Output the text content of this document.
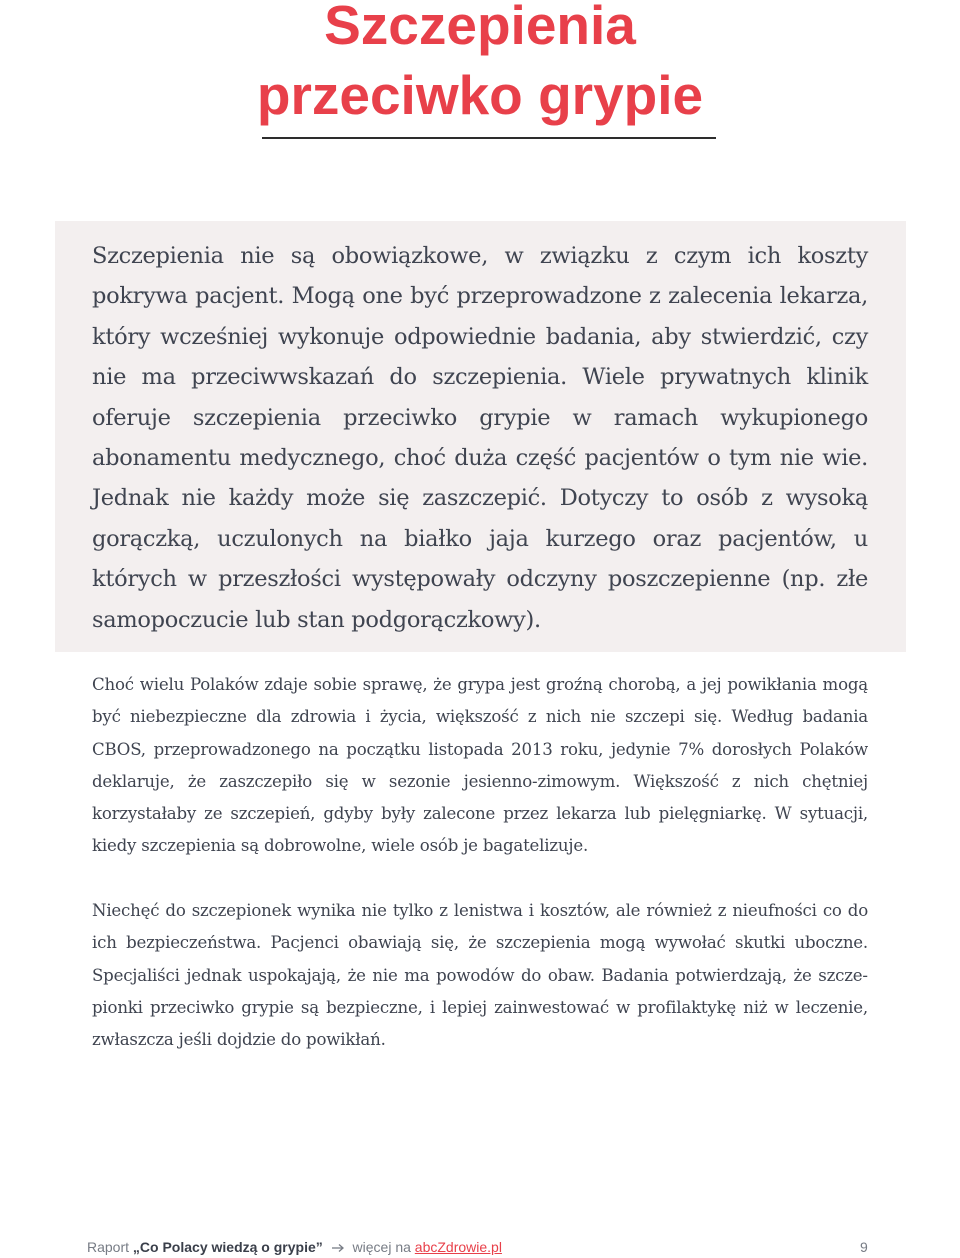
Szczepienia
przeciwko grypie

Szczepienia nie są obowiązkowe, w związku z czym ich koszty pokrywa pacjent. Mogą one być przeprowadzone z zalecenia lekarza, który wcześniej wykonuje odpowiednie badania, aby stwierdzić, czy nie ma przeciwwskazań do szczepienia. Wiele prywatnych klinik oferuje szczepienia przeciwko grypie w ramach wykupionego abonamentu medycznego, choć duża część pacjentów o tym nie wie. Jednak nie każdy może się zaszczepić. Dotyczy to osób z wysoką gorączką, uczulonych na białko jaja kurzego oraz pacjentów, u których w przeszłości występowały odczyny poszczepienne (np. złe samopoczucie lub stan podgorączkowy).

Choć wielu Polaków zdaje sobie sprawę, że grypa jest groźną chorobą, a jej powikłania mogą być niebezpieczne dla zdrowia i życia, większość z nich nie szczepi się. Według badania CBOS, przeprowadzonego na początku listopada 2013 roku, jedynie 7% dorosłych Polaków deklaruje, że zaszczepiło się w sezonie jesienno-zimowym. Większość z nich chętniej korzystałaby ze szczepień, gdyby były zalecone przez lekarza lub pielęgniarkę. W sytuacji, kiedy szczepienia są dobrowolne, wiele osób je bagatelizuje.

Niechęć do szczepionek wynika nie tylko z lenistwa i kosztów, ale również z nieufności co do ich bezpieczeństwa. Pacjenci obawiają się, że szczepienia mogą wywołać skutki uboczne. Specjaliści jednak uspokajają, że nie ma powodów do obaw. Badania potwierdzają, że szczepionki przeciwko grypie są bezpieczne, i lepiej zainwestować w profilaktykę niż w leczenie, zwłaszcza jeśli dojdzie do powikłań.

Raport „Co Polacy wiedzą o grypie” więcej na abcZdrowie.pl	9
